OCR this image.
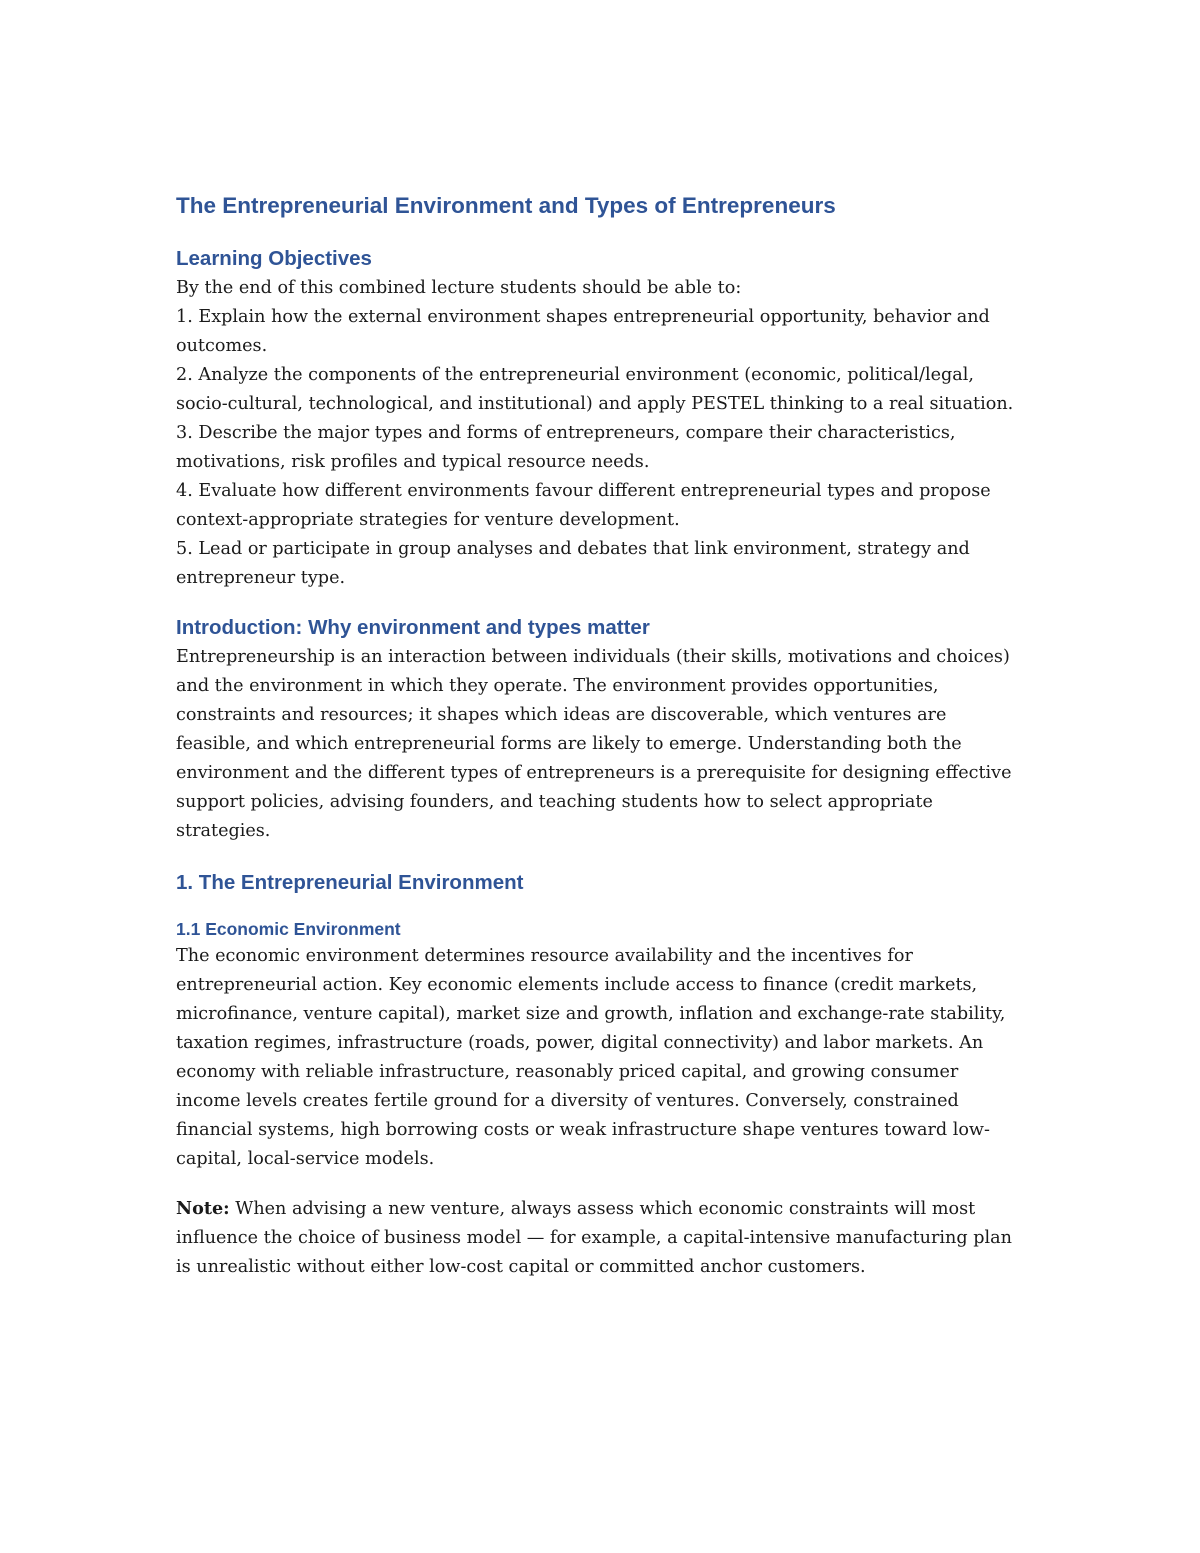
The Entrepreneurial Environment and Types of Entrepreneurs
Learning Objectives

By the end of this combined lecture students should be able to:

1. Explain how the external environment shapes entrepreneurial opportunity, behavior and outcomes.

2. Analyze the components of the entrepreneurial environment (economic, political/legal, socio-cultural, technological, and institutional) and apply PESTEL thinking to a real situation.

3. Describe the major types and forms of entrepreneurs, compare their characteristics, motivations, risk profiles and typical resource needs.

4. Evaluate how different environments favour different entrepreneurial types and propose context-appropriate strategies for venture development.

5. Lead or participate in group analyses and debates that link environment, strategy and entrepreneur type.

Introduction: Why environment and types matter

Entrepreneurship is an interaction between individuals (their skills, motivations and choices) and the environment in which they operate. The environment provides opportunities, constraints and resources; it shapes which ideas are discoverable, which ventures are feasible, and which entrepreneurial forms are likely to emerge. Understanding both the environment and the different types of entrepreneurs is a prerequisite for designing effective support policies, advising founders, and teaching students how to select appropriate strategies.

1. The Entrepreneurial Environment
1.1 Economic Environment

The economic environment determines resource availability and the incentives for entrepreneurial action. Key economic elements include access to finance (credit markets, microfinance, venture capital), market size and growth, inflation and exchange-rate stability, taxation regimes, infrastructure (roads, power, digital connectivity) and labor markets. An economy with reliable infrastructure, reasonably priced capital, and growing consumer income levels creates fertile ground for a diversity of ventures. Conversely, constrained financial systems, high borrowing costs or weak infrastructure shape ventures toward low-capital, local-service models.

Note: When advising a new venture, always assess which economic constraints will most influence the choice of business model — for example, a capital-intensive manufacturing plan is unrealistic without either low-cost capital or committed anchor customers.
